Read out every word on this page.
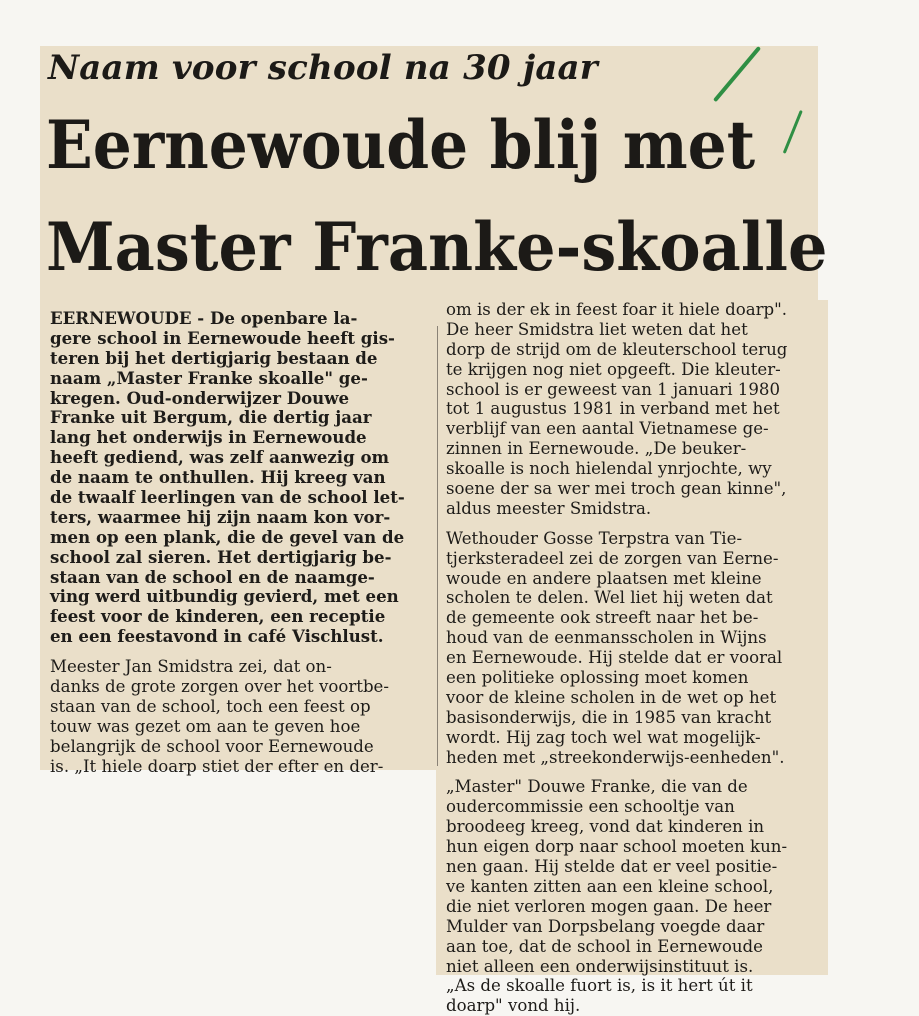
Naam voor school na 30 jaar
Eernewoude blij met
Master Franke-skoalle
EERNEWOUDE - De openbare la-
gere school in Eernewoude heeft gis-
teren bij het dertigjarig bestaan de
naam „Master Franke skoalle" ge-
kregen. Oud-onderwijzer Douwe
Franke uit Bergum, die dertig jaar
lang het onderwijs in Eernewoude
heeft gediend, was zelf aanwezig om
de naam te onthullen. Hij kreeg van
de twaalf leerlingen van de school let-
ters, waarmee hij zijn naam kon vor-
men op een plank, die de gevel van de
school zal sieren. Het dertigjarig be-
staan van de school en de naamge-
ving werd uitbundig gevierd, met een
feest voor de kinderen, een receptie
en een feestavond in café Vischlust.
Meester Jan Smidstra zei, dat on-
danks de grote zorgen over het voortbe-
staan van de school, toch een feest op
touw was gezet om aan te geven hoe
belangrijk de school voor Eernewoude
is. „It hiele doarp stiet der efter en der-
om is der ek in feest foar it hiele doarp".
De heer Smidstra liet weten dat het
dorp de strijd om de kleuterschool terug
te krijgen nog niet opgeeft. Die kleuter-
school is er geweest van 1 januari 1980
tot 1 augustus 1981 in verband met het
verblijf van een aantal Vietnamese ge-
zinnen in Eernewoude. „De beuker-
skoalle is noch hielendal ynrjochte, wy
soene der sa wer mei troch gean kinne",
aldus meester Smidstra.
Wethouder Gosse Terpstra van Tie-
tjerksteradeel zei de zorgen van Eerne-
woude en andere plaatsen met kleine
scholen te delen. Wel liet hij weten dat
de gemeente ook streeft naar het be-
houd van de eenmansscholen in Wijns
en Eernewoude. Hij stelde dat er vooral
een politieke oplossing moet komen
voor de kleine scholen in de wet op het
basisonderwijs, die in 1985 van kracht
wordt. Hij zag toch wel wat mogelijk-
heden met „streekonderwijs-eenheden".
„Master" Douwe Franke, die van de
oudercommissie een schooltje van
broodeeg kreeg, vond dat kinderen in
hun eigen dorp naar school moeten kun-
nen gaan. Hij stelde dat er veel positie-
ve kanten zitten aan een kleine school,
die niet verloren mogen gaan. De heer
Mulder van Dorpsbelang voegde daar
aan toe, dat de school in Eernewoude
niet alleen een onderwijsinstituut is.
„As de skoalle fuort is, is it hert út it
doarp" vond hij.
